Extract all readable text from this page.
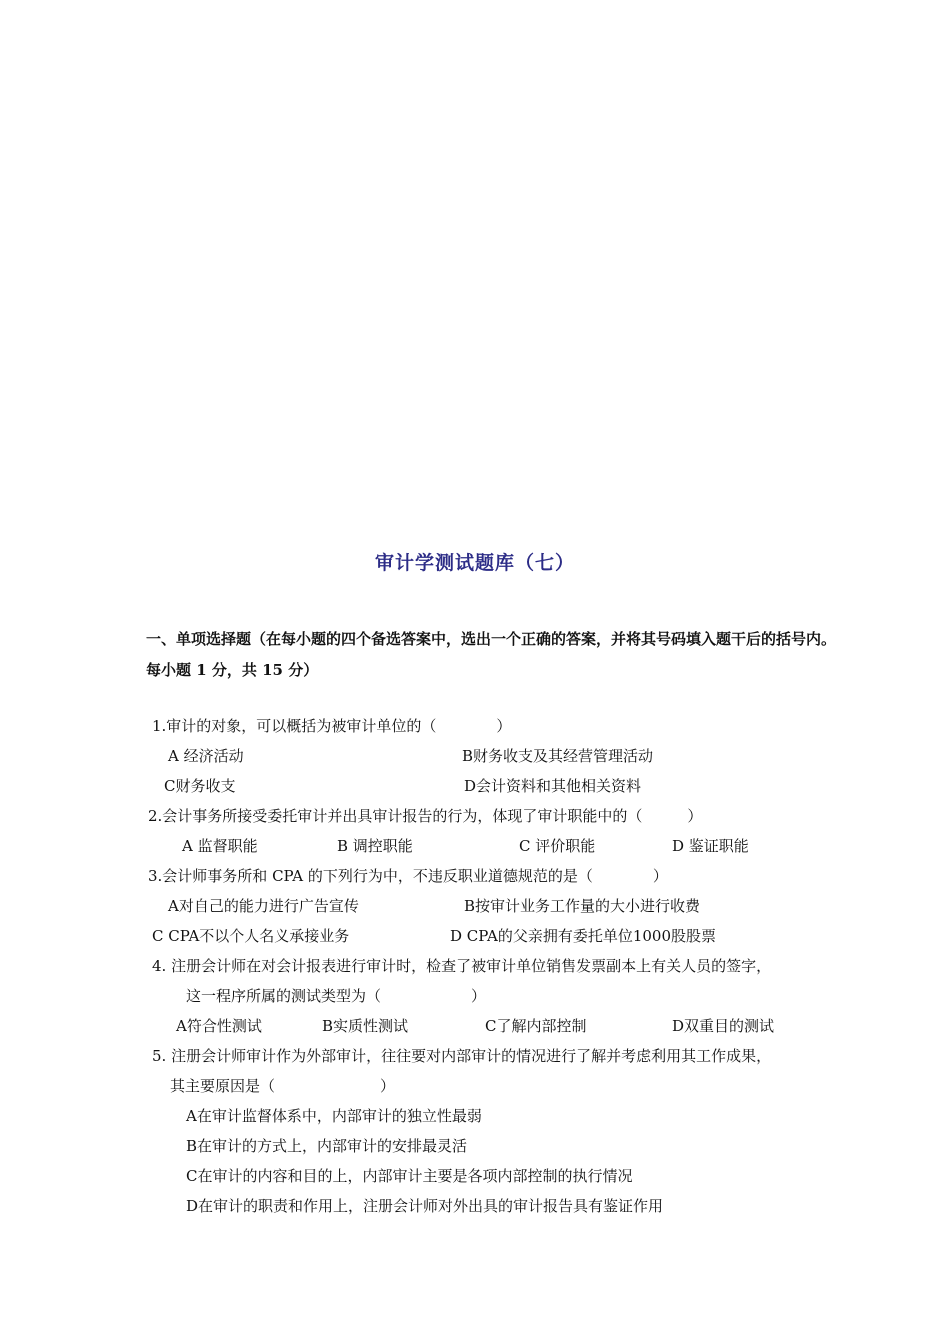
审计学测试题库（七）
一、单项选择题（在每小题的四个备选答案中，选出一个正确的答案，并将其号码填入题干后的括号内。每小题 1 分，共 15 分）
1.审计的对象，可以概括为被审计单位的（　　　　）
A 经济活动	B财务收支及其经营管理活动
C财务收支	D会计资料和其他相关资料
2.会计事务所接受委托审计并出具审计报告的行为，体现了审计职能中的（　　　）
A 监督职能	B 调控职能	C 评价职能	D 鉴证职能
3.会计师事务所和 CPA 的下列行为中，不违反职业道德规范的是（　　　　）
A对自己的能力进行广告宣传	B按审计业务工作量的大小进行收费
C CPA不以个人名义承接业务	D CPA的父亲拥有委托单位1000股股票
4. 注册会计师在对会计报表进行审计时，检查了被审计单位销售发票副本上有关人员的签字，
这一程序所属的测试类型为（　　　　　　）
A符合性测试	B实质性测试	C了解内部控制	D双重目的测试
5. 注册会计师审计作为外部审计，往往要对内部审计的情况进行了解并考虑利用其工作成果，
其主要原因是（　　　　　　　）
A在审计监督体系中，内部审计的独立性最弱
B在审计的方式上，内部审计的安排最灵活
C在审计的内容和目的上，内部审计主要是各项内部控制的执行情况
D在审计的职责和作用上，注册会计师对外出具的审计报告具有鉴证作用
